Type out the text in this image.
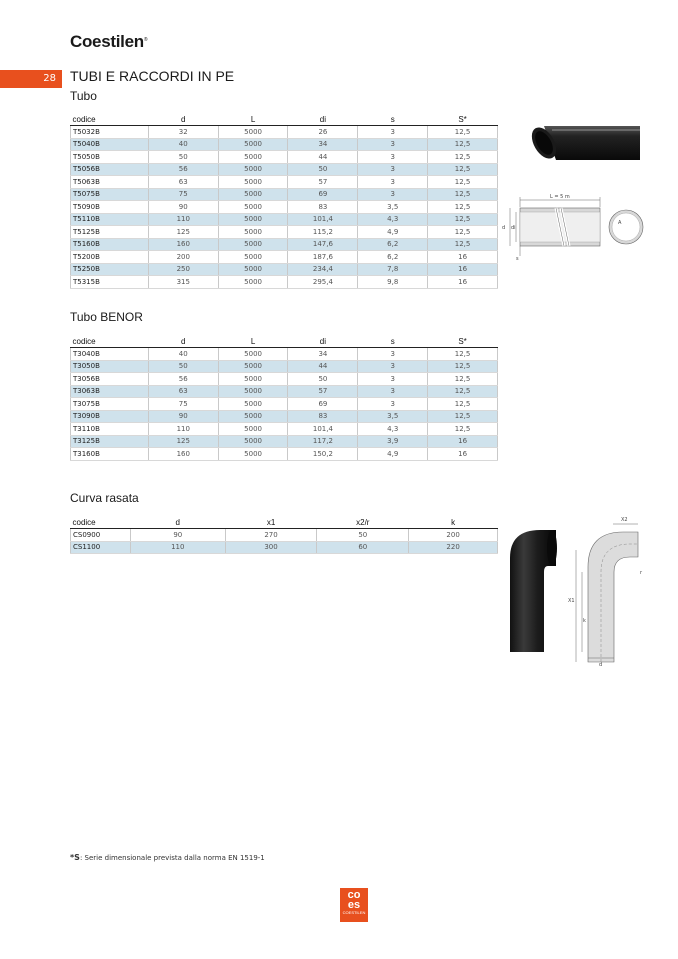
Coestilen®
28	TUBI E RACCORDI IN PE
Tubo
codice	d	L	di	s	S*
T5032B	32	5000	26	3	12,5
T5040B	40	5000	34	3	12,5
T5050B	50	5000	44	3	12,5
T5056B	56	5000	50	3	12,5
T5063B	63	5000	57	3	12,5
T5075B	75	5000	69	3	12,5
T5090B	90	5000	83	3,5	12,5
T5110B	110	5000	101,4	4,3	12,5
T5125B	125	5000	115,2	4,9	12,5
T5160B	160	5000	147,6	6,2	12,5
T5200B	200	5000	187,6	6,2	16
T5250B	250	5000	234,4	7,8	16
T5315B	315	5000	295,4	9,8	16
Tubo BENOR
codice	d	L	di	s	S*
T3040B	40	5000	34	3	12,5
T3050B	50	5000	44	3	12,5
T3056B	56	5000	50	3	12,5
T3063B	63	5000	57	3	12,5
T3075B	75	5000	69	3	12,5
T3090B	90	5000	83	3,5	12,5
T3110B	110	5000	101,4	4,3	12,5
T3125B	125	5000	117,2	3,9	16
T3160B	160	5000	150,2	4,9	16
Curva rasata
codice	d	x1	x2/r	k
CS0900	90	270	50	200
CS1100	110	300	60	220
L = 5 m
d di
s
A
X2
X1
k
r
d
*S: Serie dimensionale prevista dalla norma EN 1519-1
co
es
COESTILEN
